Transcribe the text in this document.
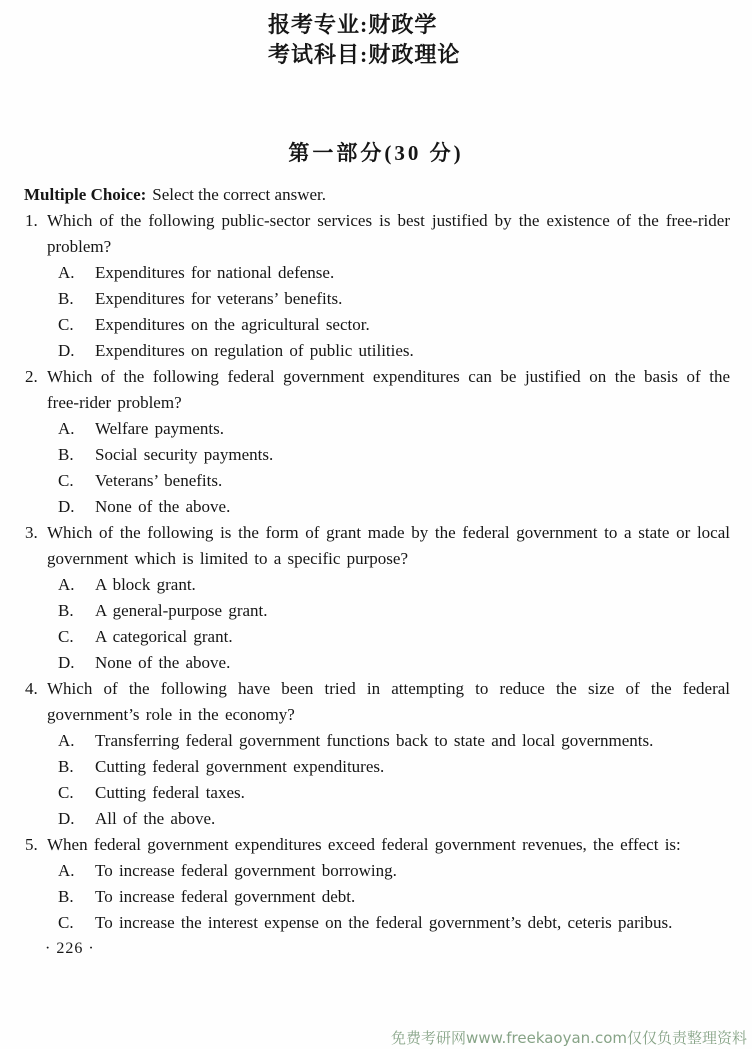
报考专业:财政学
考试科目:财政理论
第一部分(30 分)
Multiple Choice: Select the correct answer.
1. Which of the following public-sector services is best justified by the existence of the free-rider problem?
A.	Expenditures for national defense.
B.	Expenditures for veterans’ benefits.
C.	Expenditures on the agricultural sector.
D.	Expenditures on regulation of public utilities.
2. Which of the following federal government expenditures can be justified on the basis of the free-rider problem?
A.	Welfare payments.
B.	Social security payments.
C.	Veterans’ benefits.
D.	None of the above.
3. Which of the following is the form of grant made by the federal government to a state or local government which is limited to a specific purpose?
A.	A block grant.
B.	A general-purpose grant.
C.	A categorical grant.
D.	None of the above.
4. Which of the following have been tried in attempting to reduce the size of the federal government’s role in the economy?
A.	Transferring federal government functions back to state and local governments.
B.	Cutting federal government expenditures.
C.	Cutting federal taxes.
D.	All of the above.
5. When federal government expenditures exceed federal government revenues, the effect is:
A.	To increase federal government borrowing.
B.	To increase federal government debt.
C.	To increase the interest expense on the federal government’s debt, ceteris paribus.
· 226 ·
免费考研网www.freekaoyan.com仅仅负责整理资料
